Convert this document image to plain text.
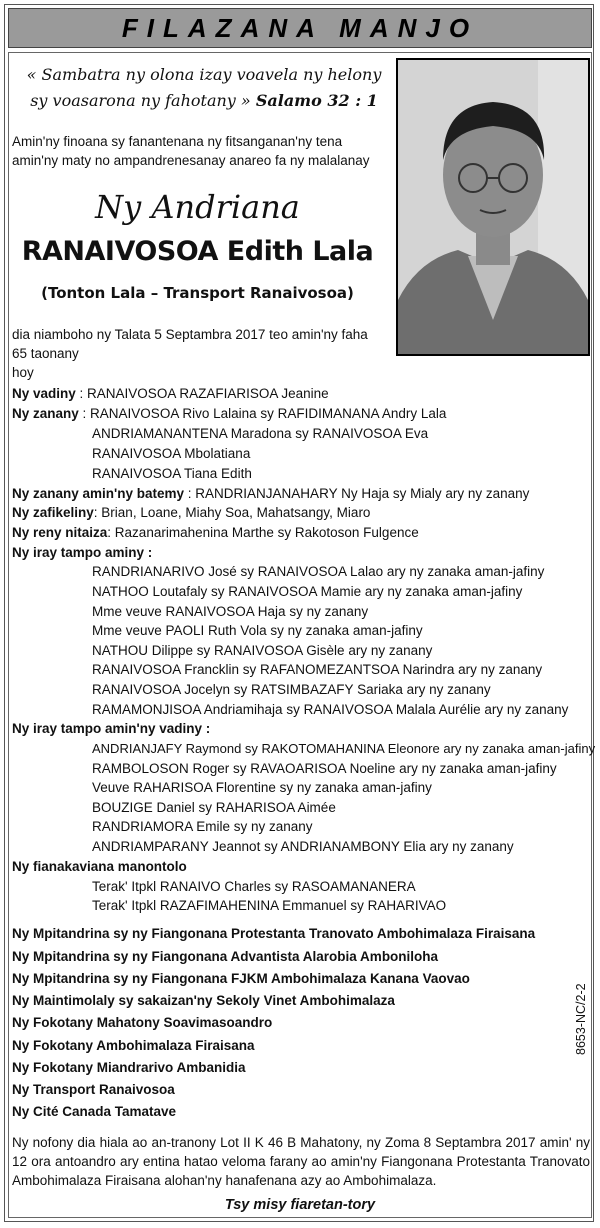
FILAZANA MANJO
« Sambatra ny olona izay voavela ny helony
sy voasarona ny fahotany » Salamo 32 : 1
Amin'ny finoana sy fanantenana ny fitsanganan'ny tena amin'ny maty no ampandrenesanay anareo fa ny malalanay
Ny Andriana
RANAIVOSOA Edith Lala
(Tonton Lala – Transport Ranaivosoa)
dia niamboho ny Talata 5 Septambra 2017 teo amin'ny faha
65 taonany
hoy
Ny vadiny : RANAIVOSOA RAZAFIARISOA Jeanine
Ny zanany : RANAIVOSOA Rivo Lalaina sy RAFIDIMANANA Andry Lala
ANDRIAMANANTENA Maradona sy RANAIVOSOA Eva
RANAIVOSOA Mbolatiana
RANAIVOSOA Tiana Edith
Ny zanany amin'ny batemy : RANDRIANJANAHARY Ny Haja sy Mialy ary ny zanany
Ny zafikeliny: Brian, Loane, Miahy Soa, Mahatsangy, Miaro
Ny reny nitaiza: Razanarimahenina Marthe sy Rakotoson Fulgence
Ny iray tampo aminy :
RANDRIANARIVO José sy RANAIVOSOA Lalao ary ny zanaka aman-jafiny
NATHOO Loutafaly sy RANAIVOSOA Mamie ary ny zanaka aman-jafiny
Mme veuve RANAIVOSOA Haja sy ny zanany
Mme veuve PAOLI Ruth Vola sy ny zanaka aman-jafiny
NATHOU Dilippe sy RANAIVOSOA Gisèle ary ny zanany
RANAIVOSOA Francklin sy RAFANOMEZANTSOA Narindra ary ny zanany
RANAIVOSOA Jocelyn sy RATSIMBAZAFY Sariaka ary ny zanany
RAMAMONJISOA Andriamihaja sy RANAIVOSOA Malala Aurélie ary ny zanany
Ny iray tampo amin'ny vadiny :
ANDRIANJAFY Raymond sy RAKOTOMAHANINA Eleonore ary ny zanaka aman-jafiny
RAMBOLOSON Roger sy RAVAOARISOA Noeline ary ny zanaka aman-jafiny
Veuve RAHARISOA Florentine sy ny zanaka aman-jafiny
BOUZIGE Daniel sy RAHARISOA Aimée
RANDRIAMORA Emile sy ny zanany
ANDRIAMPARANY Jeannot sy ANDRIANAMBONY Elia ary ny zanany
Ny fianakaviana manontolo
Terak' Itpkl RANAIVO Charles sy RASOAMANANERA
Terak' Itpkl RAZAFIMAHENINA Emmanuel sy RAHARIVAO
Ny Mpitandrina sy ny Fiangonana Protestanta Tranovato Ambohimalaza Firaisana
Ny Mpitandrina sy ny Fiangonana Advantista Alarobia Amboniloha
Ny Mpitandrina sy ny Fiangonana FJKM Ambohimalaza Kanana Vaovao
Ny Maintimolaly sy sakaizan'ny Sekoly Vinet Ambohimalaza
Ny Fokotany Mahatony Soavimasoandro
Ny Fokotany Ambohimalaza Firaisana
Ny Fokotany Miandrarivo Ambanidia
Ny Transport Ranaivosoa
Ny Cité Canada Tamatave
8653-NC/2-2
Ny nofony dia hiala ao an-tranony Lot II K 46 B Mahatony, ny Zoma 8 Septambra 2017 amin' ny 12 ora antoandro ary entina hatao veloma farany ao amin'ny Fiangonana Protestanta Tranovato Ambohimalaza Firaisana alohan'ny hanafenana azy ao Ambohimalaza.
Tsy misy fiaretan-tory
